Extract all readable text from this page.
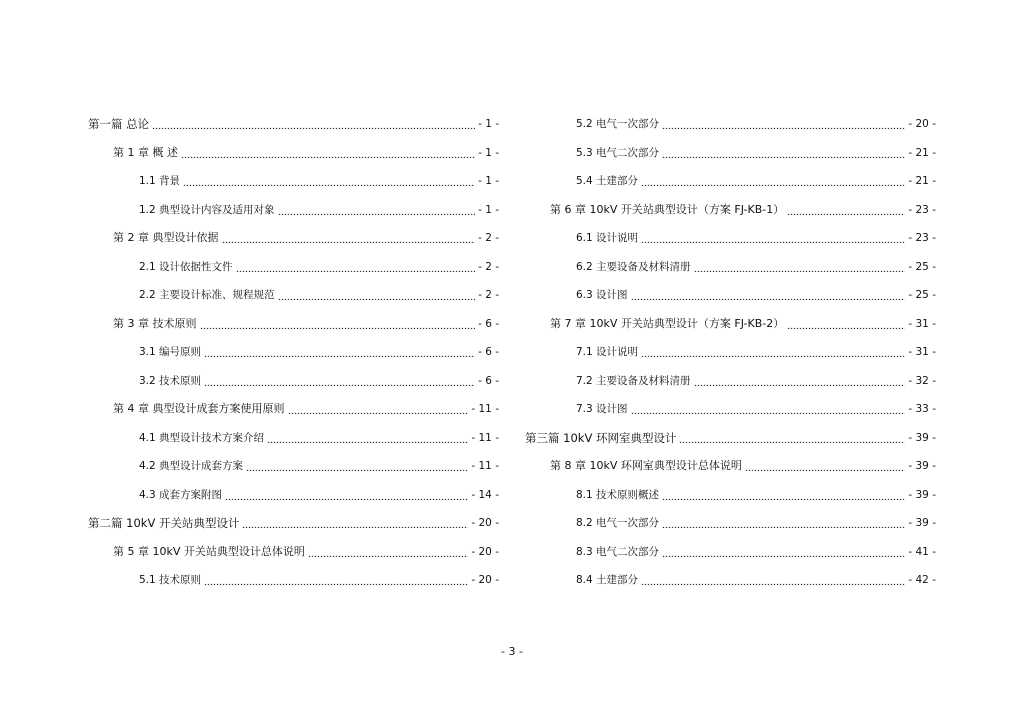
第一篇 总论	- 1 -
第 1 章 概 述	- 1 -
1.1 背景	- 1 -
1.2 典型设计内容及适用对象	- 1 -
第 2 章 典型设计依据	- 2 -
2.1 设计依据性文件	- 2 -
2.2 主要设计标准、规程规范	- 2 -
第 3 章 技术原则	- 6 -
3.1 编号原则	- 6 -
3.2 技术原则	- 6 -
第 4 章 典型设计成套方案使用原则	- 11 -
4.1 典型设计技术方案介绍	- 11 -
4.2 典型设计成套方案	- 11 -
4.3 成套方案附图	- 14 -
第二篇 10kV 开关站典型设计	- 20 -
第 5 章 10kV 开关站典型设计总体说明	- 20 -
5.1 技术原则	- 20 -
5.2 电气一次部分	- 20 -
5.3 电气二次部分	- 21 -
5.4 土建部分	- 21 -
第 6 章 10kV 开关站典型设计（方案 FJ-KB-1）	- 23 -
6.1 设计说明	- 23 -
6.2 主要设备及材料清册	- 25 -
6.3 设计图	- 25 -
第 7 章 10kV 开关站典型设计（方案 FJ-KB-2）	- 31 -
7.1 设计说明	- 31 -
7.2 主要设备及材料清册	- 32 -
7.3 设计图	- 33 -
第三篇 10kV 环网室典型设计	- 39 -
第 8 章 10kV 环网室典型设计总体说明	- 39 -
8.1 技术原则概述	- 39 -
8.2 电气一次部分	- 39 -
8.3 电气二次部分	- 41 -
8.4 土建部分	- 42 -
- 3 -
